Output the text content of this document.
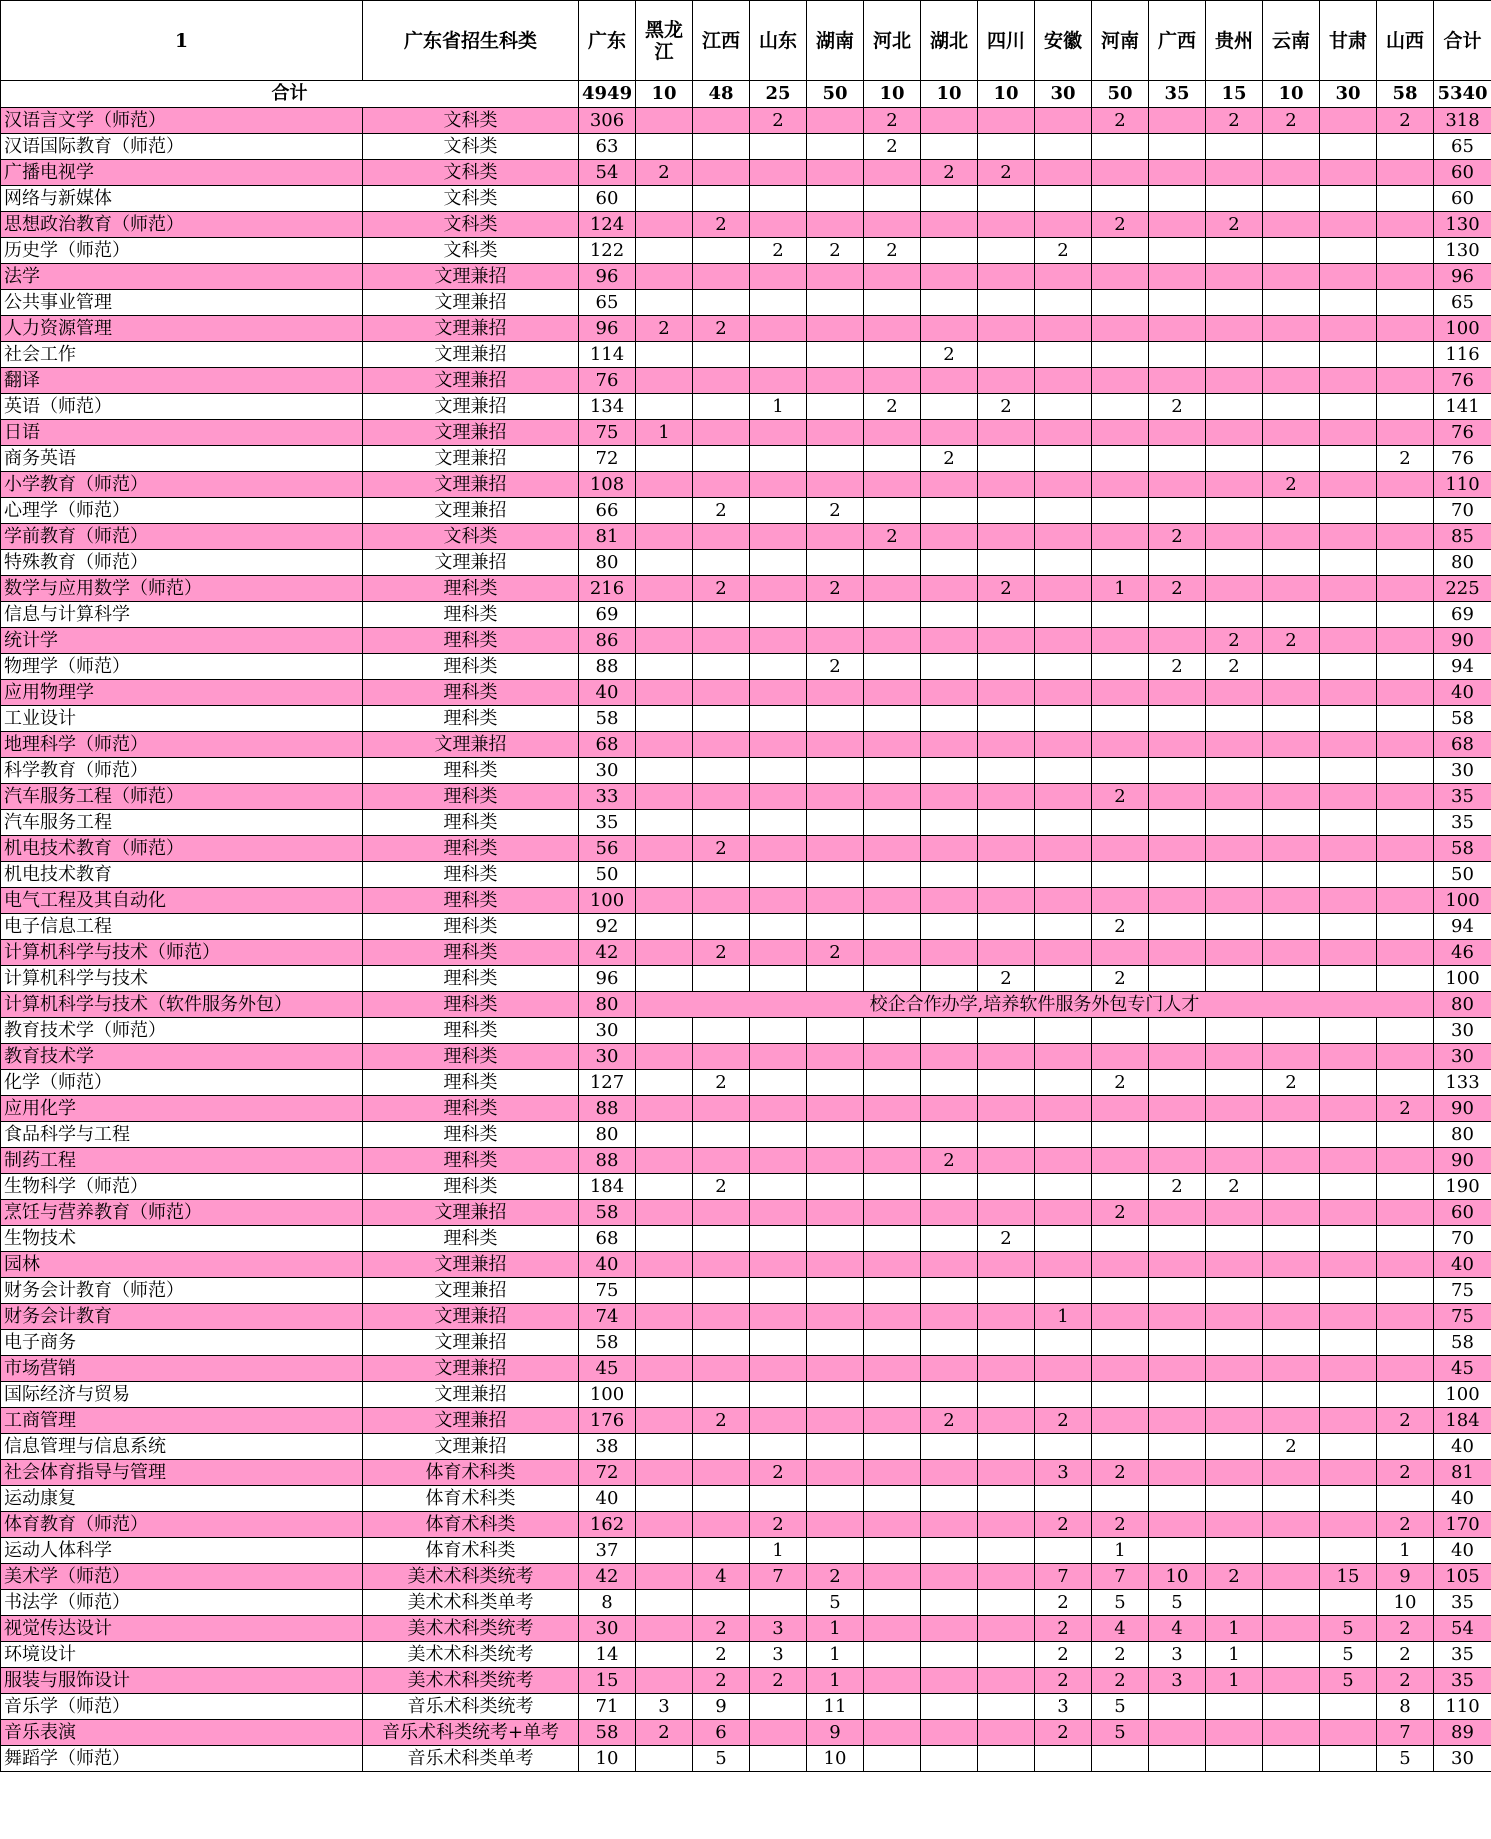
1	广东省招生科类	广东	黑龙江	江西	山东	湖南	河北	湖北	四川	安徽	河南	广西	贵州	云南	甘肃	山西	合计
合计		4949	10	48	25	50	10	10	10	30	50	35	15	10	30	58	5340
汉语言文学（师范）	文科类	306			2		2				2		2	2		2	318
汉语国际教育（师范）	文科类	63					2										65
广播电视学	文科类	54	2					2	2								60
网络与新媒体	文科类	60															60
思想政治教育（师范）	文科类	124		2							2		2				130
历史学（师范）	文科类	122			2	2	2			2							130
法学	文理兼招	96															96
公共事业管理	文理兼招	65															65
人力资源管理	文理兼招	96	2	2													100
社会工作	文理兼招	114						2									116
翻译	文理兼招	76															76
英语（师范）	文理兼招	134			1		2		2			2					141
日语	文理兼招	75	1														76
商务英语	文理兼招	72						2								2	76
小学教育（师范）	文理兼招	108												2			110
心理学（师范）	文理兼招	66		2		2											70
学前教育（师范）	文科类	81					2					2					85
特殊教育（师范）	文理兼招	80															80
数学与应用数学（师范）	理科类	216		2		2			2		1	2					225
信息与计算科学	理科类	69															69
统计学	理科类	86											2	2			90
物理学（师范）	理科类	88				2						2	2				94
应用物理学	理科类	40															40
工业设计	理科类	58															58
地理科学（师范）	文理兼招	68															68
科学教育（师范）	理科类	30															30
汽车服务工程（师范）	理科类	33									2						35
汽车服务工程	理科类	35															35
机电技术教育（师范）	理科类	56		2													58
机电技术教育	理科类	50															50
电气工程及其自动化	理科类	100															100
电子信息工程	理科类	92									2						94
计算机科学与技术（师范）	理科类	42		2		2											46
计算机科学与技术	理科类	96							2		2						100
计算机科学与技术（软件服务外包）	理科类	80	校企合作办学,培养软件服务外包专门人才														80
教育技术学（师范）	理科类	30															30
教育技术学	理科类	30															30
化学（师范）	理科类	127		2							2			2			133
应用化学	理科类	88														2	90
食品科学与工程	理科类	80															80
制药工程	理科类	88						2									90
生物科学（师范）	理科类	184		2								2	2				190
烹饪与营养教育（师范）	文理兼招	58									2						60
生物技术	理科类	68							2								70
园林	文理兼招	40															40
财务会计教育（师范）	文理兼招	75															75
财务会计教育	文理兼招	74								1							75
电子商务	文理兼招	58															58
市场营销	文理兼招	45															45
国际经济与贸易	文理兼招	100															100
工商管理	文理兼招	176		2				2		2						2	184
信息管理与信息系统	文理兼招	38												2			40
社会体育指导与管理	体育术科类	72			2					3	2					2	81
运动康复	体育术科类	40															40
体育教育（师范）	体育术科类	162			2					2	2					2	170
运动人体科学	体育术科类	37			1						1					1	40
美术学（师范）	美术术科类统考	42		4	7	2				7	7	10	2		15	9	105
书法学（师范）	美术术科类单考	8				5				2	5	5				10	35
视觉传达设计	美术术科类统考	30		2	3	1				2	4	4	1		5	2	54
环境设计	美术术科类统考	14		2	3	1				2	2	3	1		5	2	35
服装与服饰设计	美术术科类统考	15		2	2	1				2	2	3	1		5	2	35
音乐学（师范）	音乐术科类统考	71	3	9		11				3	5					8	110
音乐表演	音乐术科类统考+单考	58	2	6		9				2	5					7	89
舞蹈学（师范）	音乐术科类单考	10		5		10										5	30
